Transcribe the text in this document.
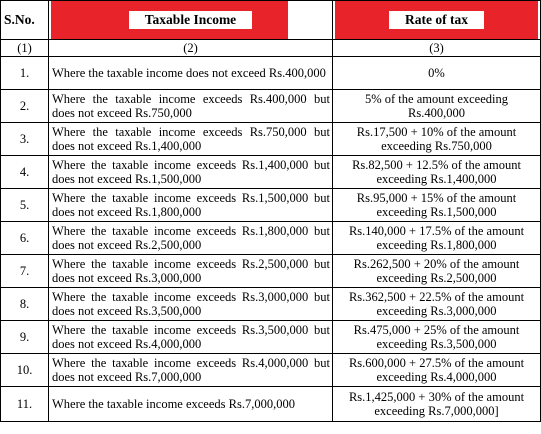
S.No.	Taxable Income	Rate of tax

(1)	(2)	(3)
1.	Where the taxable income does not exceed Rs.400,000	0%
2.	Where the taxable income exceeds Rs.400,000 but does not exceed Rs.750,000	5% of the amount exceeding Rs.400,000
3.	Where the taxable income exceeds Rs.750,000 but does not exceed Rs.1,400,000	Rs.17,500 + 10% of the amount exceeding Rs.750,000
4.	Where the taxable income exceeds Rs.1,400,000 but does not exceed Rs.1,500,000	Rs.82,500 + 12.5% of the amount exceeding Rs.1,400,000
5.	Where the taxable income exceeds Rs.1,500,000 but does not exceed Rs.1,800,000	Rs.95,000 + 15% of the amount exceeding Rs.1,500,000
6.	Where the taxable income exceeds Rs.1,800,000 but does not exceed Rs.2,500,000	Rs.140,000 + 17.5% of the amount exceeding Rs.1,800,000
7.	Where the taxable income exceeds Rs.2,500,000 but does not exceed Rs.3,000,000	Rs.262,500 + 20% of the amount exceeding Rs.2,500,000
8.	Where the taxable income exceeds Rs.3,000,000 but does not exceed Rs.3,500,000	Rs.362,500 + 22.5% of the amount exceeding Rs.3,000,000
9.	Where the taxable income exceeds Rs.3,500,000 but does not exceed Rs.4,000,000	Rs.475,000 + 25% of the amount exceeding Rs.3,500,000
10.	Where the taxable income exceeds Rs.4,000,000 but does not exceed Rs.7,000,000	Rs.600,000 + 27.5% of the amount exceeding Rs.4,000,000
11.	Where the taxable income exceeds Rs.7,000,000	Rs.1,425,000 + 30% of the amount exceeding Rs.7,000,000]
